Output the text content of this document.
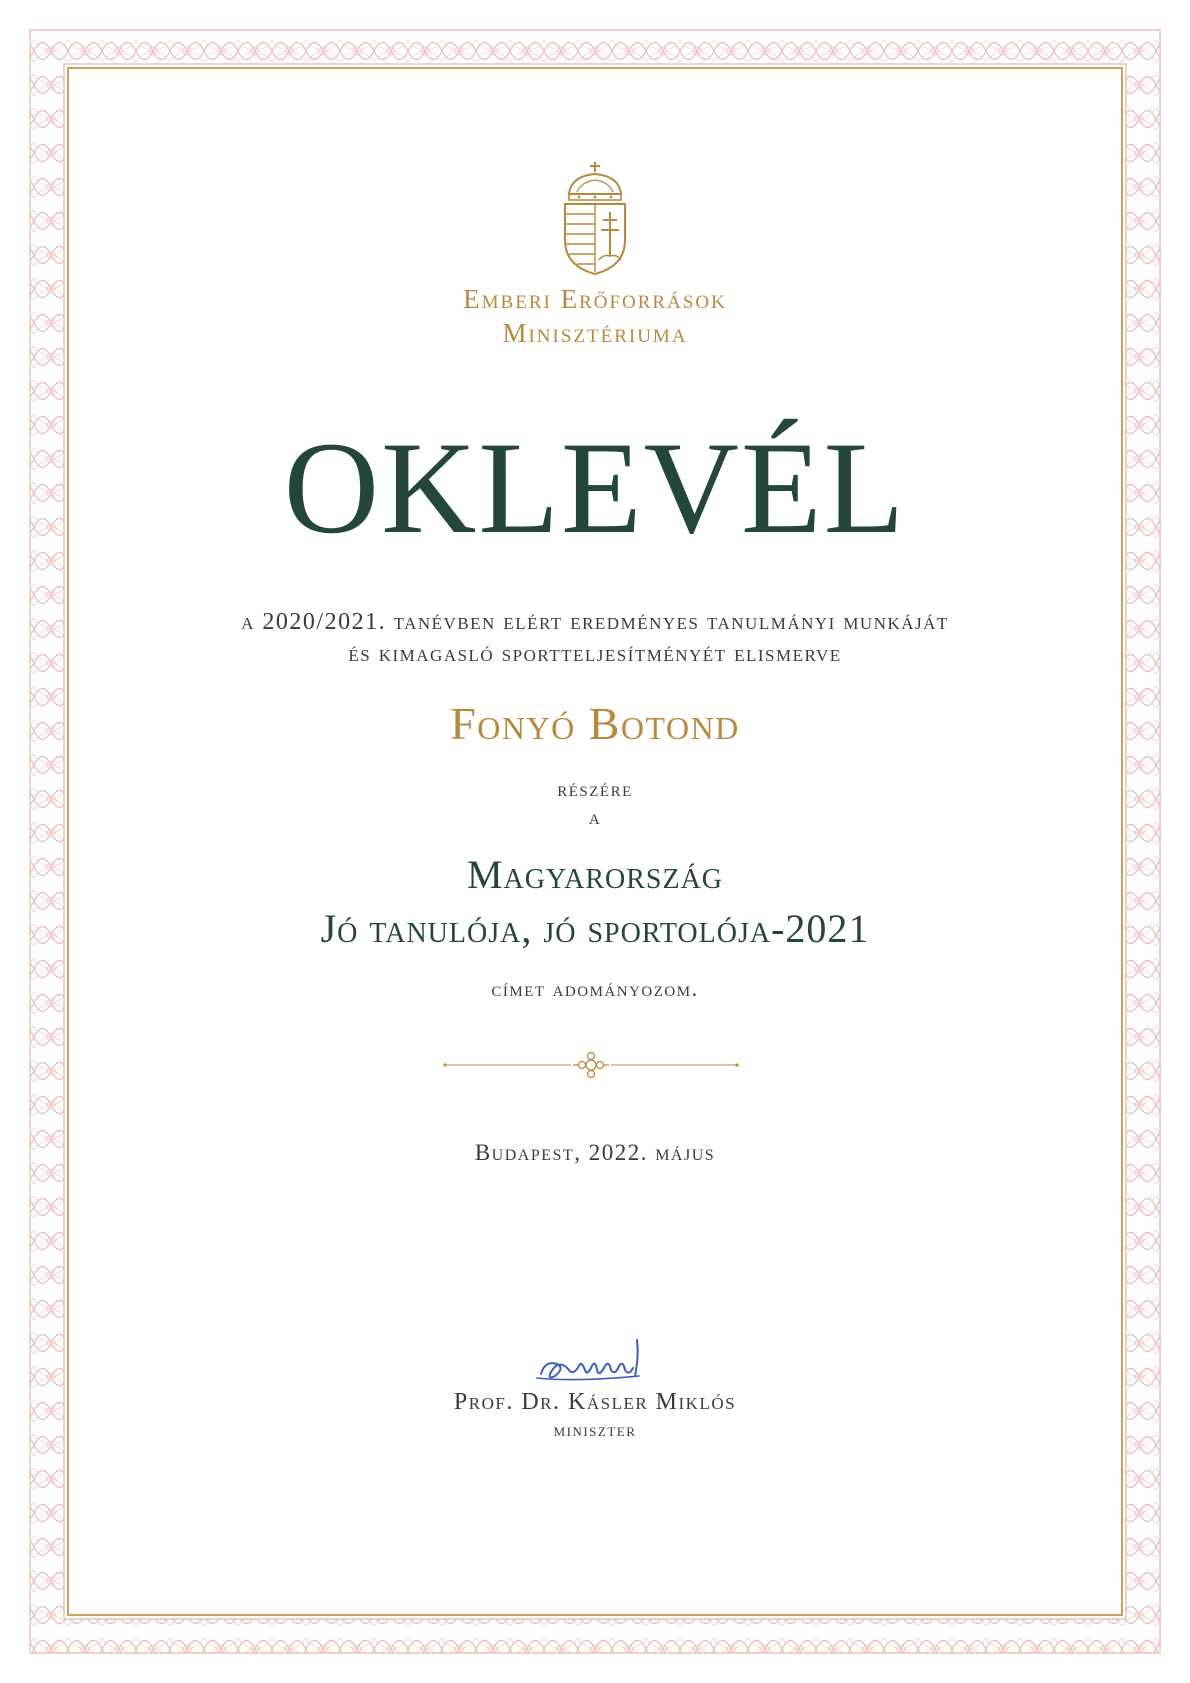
Emberi Erőforrások
Minisztériuma
OKLEVÉL
a 2020/2021. tanévben elért eredményes tanulmányi munkáját
és kimagasló sportteljesítményét elismerve
Fonyó Botond
részére
a
Magyarország
Jó tanulója, jó sportolója-2021
címet adományozom.
Budapest, 2022. május
Prof. Dr. Kásler Miklós
miniszter
